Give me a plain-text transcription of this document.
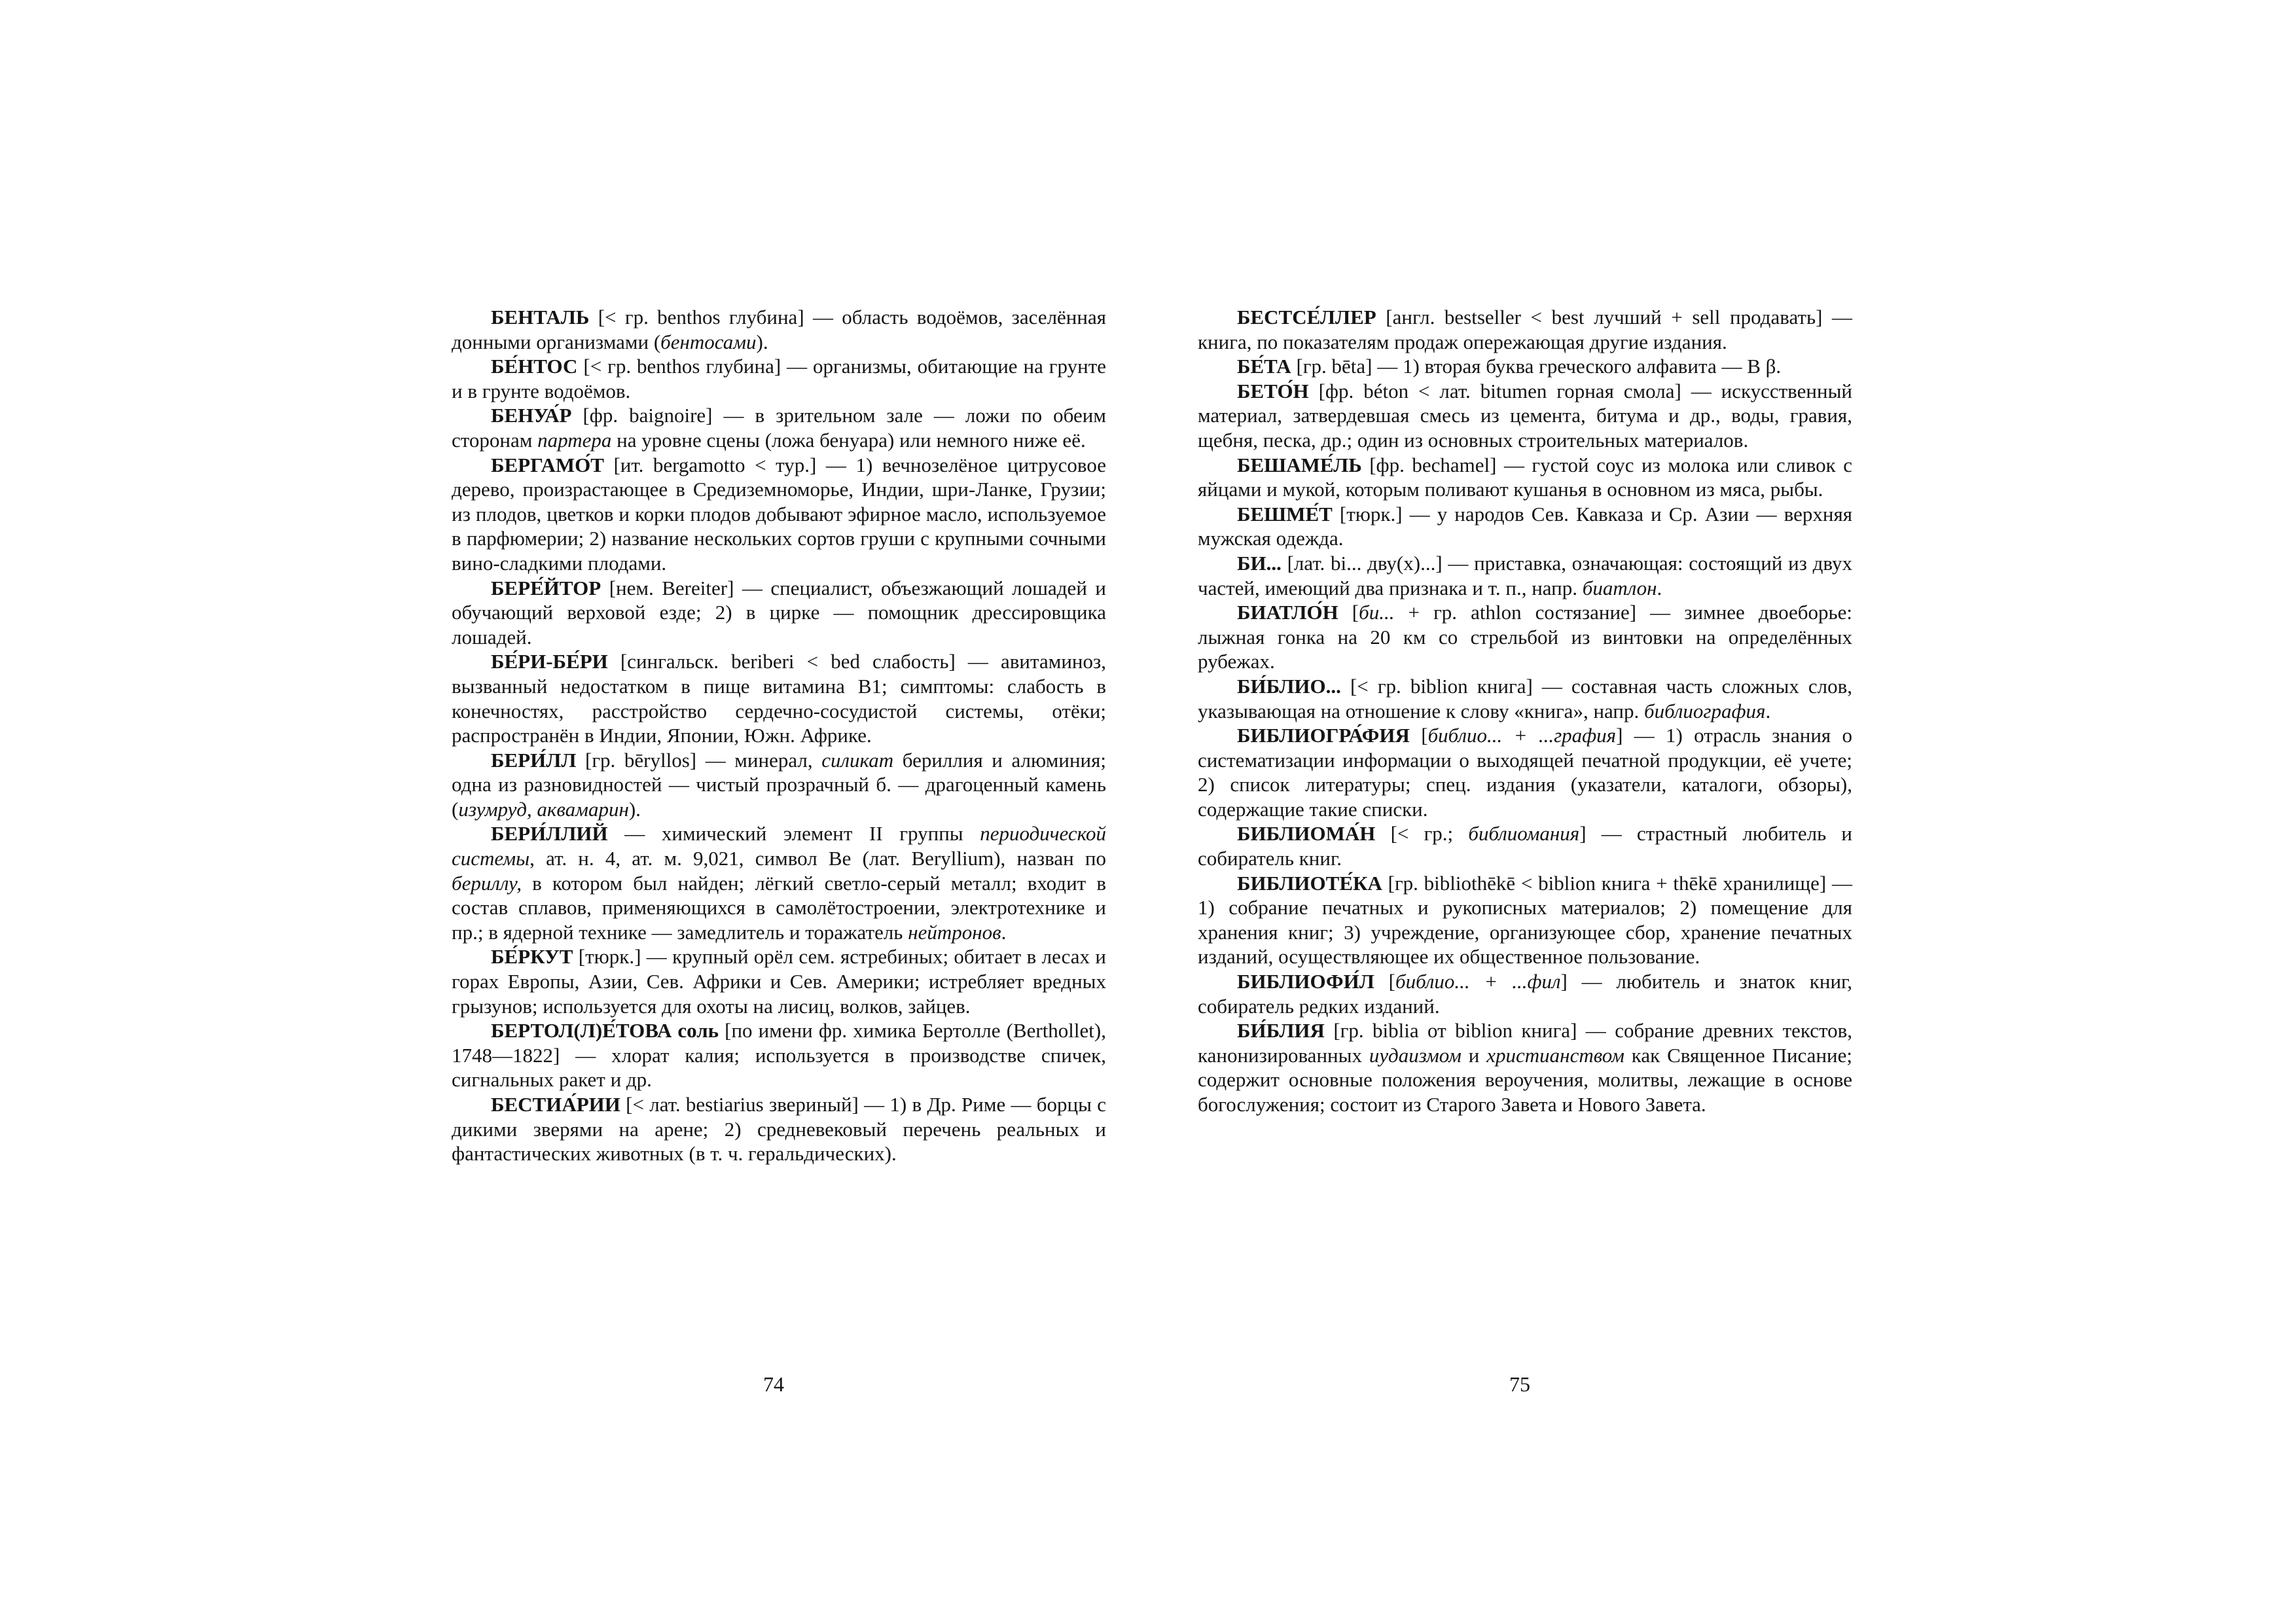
БЕНТАЛЬ [< гр. benthos глубина] — область водоёмов, заселённая донными организмами (бентосами).

БЕ́НТОС [< гр. benthos глубина] — организмы, обитающие на грунте и в грунте водоёмов.

БЕНУА́Р [фр. baignoire] — в зрительном зале — ложи по обеим сторонам партера на уровне сцены (ложа бенуара) или немного ниже её.

БЕРГАМО́Т [ит. bergamotto < тур.] — 1) вечнозелёное цитрусовое дерево, произрастающее в Средиземноморье, Индии, шри-Ланке, Грузии; из плодов, цветков и корки плодов добывают эфирное масло, используемое в парфюмерии; 2) название нескольких сортов груши с крупными сочными вино-сладкими плодами.

БЕРЕ́ЙТОР [нем. Bereiter] — специалист, объезжающий лошадей и обучающий верховой езде; 2) в цирке — помощник дрессировщика лошадей.

БЕ́РИ-БЕ́РИ [сингальск. beriberi < bed слабость] — авитаминоз, вызванный недостатком в пище витамина B1; симптомы: слабость в конечностях, расстройство сердечно-сосудистой системы, отёки; распространён в Индии, Японии, Южн. Африке.

БЕРИ́ЛЛ [гр. bēryllos] — минерал, силикат бериллия и алюминия; одна из разновидностей — чистый прозрачный б. — драгоценный камень (изумруд, аквамарин).

БЕРИ́ЛЛИЙ — химический элемент II группы периодической системы, ат. н. 4, ат. м. 9,021, символ Be (лат. Beryllium), назван по бериллу, в котором был найден; лёгкий светло-серый металл; входит в состав сплавов, применяющихся в самолётостроении, электротехнике и пр.; в ядерной технике — замедлитель и торажатель нейтронов.

БЕ́РКУТ [тюрк.] — крупный орёл сем. ястребиных; обитает в лесах и горах Европы, Азии, Сев. Африки и Сев. Америки; истребляет вредных грызунов; используется для охоты на лисиц, волков, зайцев.

БЕРТОЛ(Л)Е́ТОВА соль [по имени фр. химика Бертолле (Berthollet), 1748—1822] — хлорат калия; используется в производстве спичек, сигнальных ракет и др.

БЕСТИА́РИИ [< лат. bestiarius звериный] — 1) в Др. Риме — борцы с дикими зверями на арене; 2) средневековый перечень реальных и фантастических животных (в т. ч. геральдических).

БЕСТСЕ́ЛЛЕР [англ. bestseller < best лучший + sell продавать] — книга, по показателям продаж опережающая другие издания.

БЕ́ТА [гр. bēta] — 1) вторая буква греческого алфавита — В β.

БЕТО́Н [фр. béton < лат. bitumen горная смола] — искусственный материал, затвердевшая смесь из цемента, битума и др., воды, гравия, щебня, песка, др.; один из основных строительных материалов.

БЕШАМЕ́ЛЬ [фр. bechamel] — густой соус из молока или сливок с яйцами и мукой, которым поливают кушанья в основном из мяса, рыбы.

БЕШМЕ́Т [тюрк.] — у народов Сев. Кавказа и Ср. Азии — верхняя мужская одежда.

БИ... [лат. bi... дву(х)...] — приставка, означающая: состоящий из двух частей, имеющий два признака и т. п., напр. биатлон.

БИАТЛО́Н [би... + гр. athlon состязание] — зимнее двоеборье: лыжная гонка на 20 км со стрельбой из винтовки на определённых рубежах.

БИ́БЛИО... [< гр. biblion книга] — составная часть сложных слов, указывающая на отношение к слову «книга», напр. библиография.

БИБЛИОГРА́ФИЯ [библио... + ...графия] — 1) отрасль знания о систематизации информации о выходящей печатной продукции, её учете; 2) список литературы; спец. издания (указатели, каталоги, обзоры), содержащие такие списки.

БИБЛИОМА́Н [< гр.; библиомания] — страстный любитель и собиратель книг.

БИБЛИОТЕ́КА [гр. bibliothēkē < biblion книга + thēkē хранилище] — 1) собрание печатных и рукописных материалов; 2) помещение для хранения книг; 3) учреждение, организующее сбор, хранение печатных изданий, осуществляющее их общественное пользование.

БИБЛИОФИ́Л [библио... + ...фил] — любитель и знаток книг, собиратель редких изданий.

БИ́БЛИЯ [гр. biblia от biblion книга] — собрание древних текстов, канонизированных иудаизмом и христианством как Священное Писание; содержит основные положения вероучения, молитвы, лежащие в основе богослужения; состоит из Старого Завета и Нового Завета.

74	75
